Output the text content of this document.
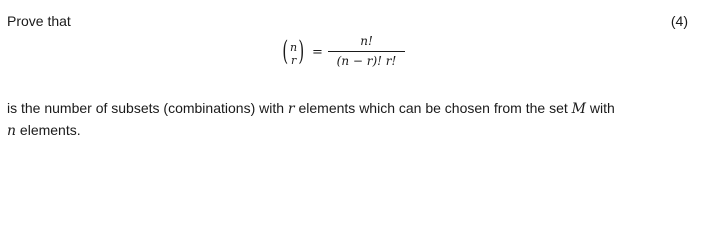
Prove that	(4)
( n
r ) =
n!
(n − r)! r!
is the number of subsets (combinations) with r elements which can be chosen from the set M with
n elements.
